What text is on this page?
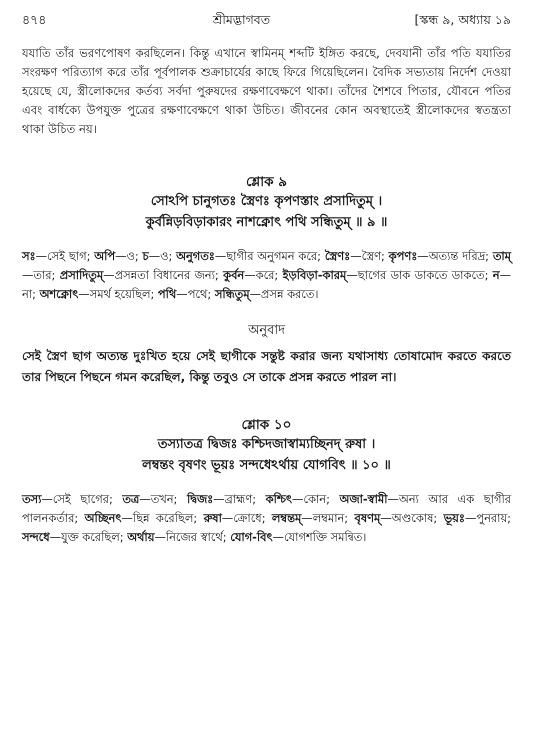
৪৭৪	শ্রীমদ্ভাগবত	[স্কন্ধ ৯, অধ্যায় ১৯

যযাতি তাঁর ভরণপোষণ করছিলেন। কিন্তু এখানে স্বামিনম্ শব্দটি ইঙ্গিত করছে, দেবযানী তাঁর পতি যযাতির সংরক্ষণ পরিত্যাগ করে তাঁর পূর্বপালক শুক্রাচার্যের কাছে ফিরে গিয়েছিলেন। বৈদিক সভ্যতায় নির্দেশ দেওয়া হয়েছে যে, স্ত্রীলোকদের কর্তব্য সর্বদা পুরুষদের রক্ষণাবেক্ষণে থাকা। তাঁদের শৈশবে পিতার, যৌবনে পতির এবং বার্ধক্যে উপযুক্ত পুত্রের রক্ষণাবেক্ষণে থাকা উচিত। জীবনের কোন অবস্থাতেই স্ত্রীলোকদের স্বতন্ত্রতা থাকা উচিত নয়।

শ্লোক ৯
সোঽপি চানুগতঃ স্ত্রৈণঃ কৃপণস্তাং প্রসাদিতুম্ ।
কুর্বন্নিড়বিড়াকারং নাশক্নোৎ পথি সন্ধিতুম্ ॥ ৯ ॥
সঃ—সেই ছাগ; অপি—ও; চ—ও; অনুগতঃ—ছাগীর অনুগমন করে; স্ত্রৈণঃ—স্ত্রৈণ; কৃপণঃ—অত্যন্ত দরিদ্র; তাম্—তার; প্রসাদিতুম্—প্রসন্নতা বিধানের জন্য; কুর্বন—করে; ইড়বিড়া-কারম্—ছাগের ডাক ডাকতে ডাকতে; ন—না; অশক্নোৎ—সমর্থ হয়েছিল; পথি—পথে; সন্ধিতুম্—প্রসন্ন করতে।
অনুবাদ
সেই স্ত্রৈণ ছাগ অত্যন্ত দুঃখিত হয়ে সেই ছাগীকে সন্তুষ্ট করার জন্য যথাসাধ্য তোষামোদ করতে করতে তার পিছনে পিছনে গমন করেছিল, কিন্তু তবুও সে তাকে প্রসন্ন করতে পারল না।
শ্লোক ১০
তস্যাতত্র দ্বিজঃ কশ্চিদজাস্বাম্যচ্ছিনদ্ রুষা ।
লম্বন্তং বৃষণং ভূয়ঃ সন্দধেঽর্থায় যোগবিৎ ॥ ১০ ॥
তস্য—সেই ছাগের; তত্র—তখন; দ্বিজঃ—ব্রাহ্মণ; কশ্চিৎ—কোন; অজা-স্বামী—অন্য আর এক ছাগীর পালনকর্তার; অচ্ছিনৎ—ছিন্ন করেছিল; রুষা—ক্রোধে; লম্বন্তম্—লম্বমান; বৃষণম্—অণ্ডকোষ; ভূয়ঃ—পুনরায়; সন্দধে—যুক্ত করেছিল; অর্থায়—নিজের স্বার্থে; যোগ-বিৎ—যোগশক্তি সমন্বিত।
